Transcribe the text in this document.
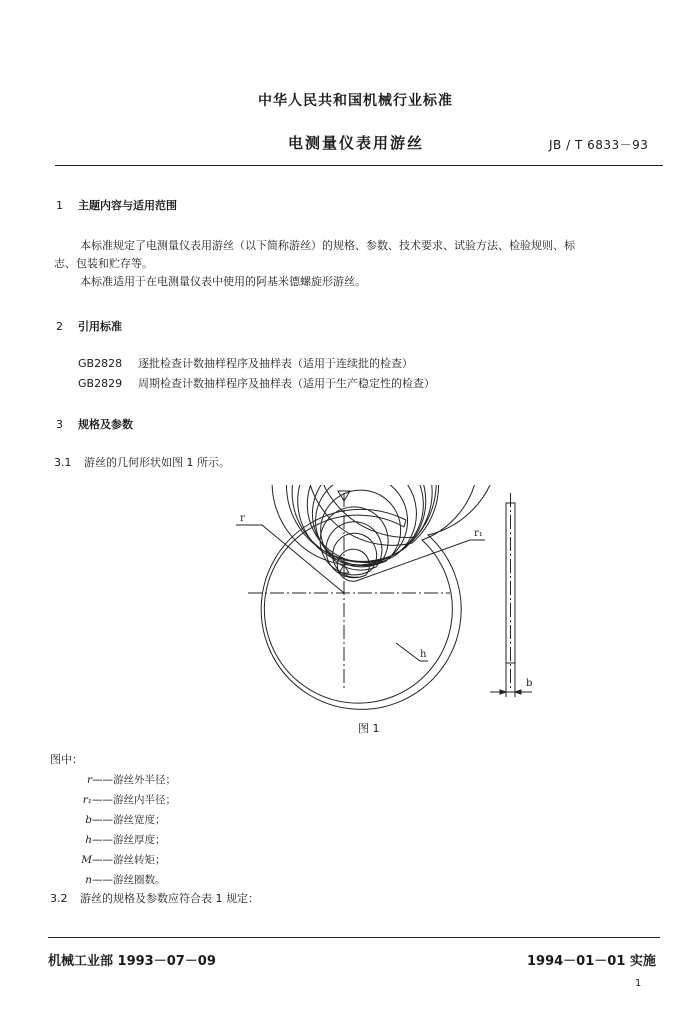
中华人民共和国机械行业标准
电测量仪表用游丝	JB / T 6833－93
1 主题内容与适用范围
本标准规定了电测量仪表用游丝（以下简称游丝）的规格、参数、技术要求、试验方法、检验规则、标
志、包装和贮存等。
本标准适用于在电测量仪表中使用的阿基米德螺旋形游丝。
2 引用标准
GB2828 逐批检查计数抽样程序及抽样表（适用于连续批的检查）
GB2829 周期检查计数抽样程序及抽样表（适用于生产稳定性的检查）
3 规格及参数
3.1 游丝的几何形状如图 1 所示。
r
r₁
h
b
图 1
图中：
r——游丝外半径；
r₁——游丝内半径；
b——游丝宽度；
h——游丝厚度；
M——游丝转矩；
n——游丝圈数。
3.2 游丝的规格及参数应符合表 1 规定：
机械工业部 1993－07－09	1994－01－01 实施
1
